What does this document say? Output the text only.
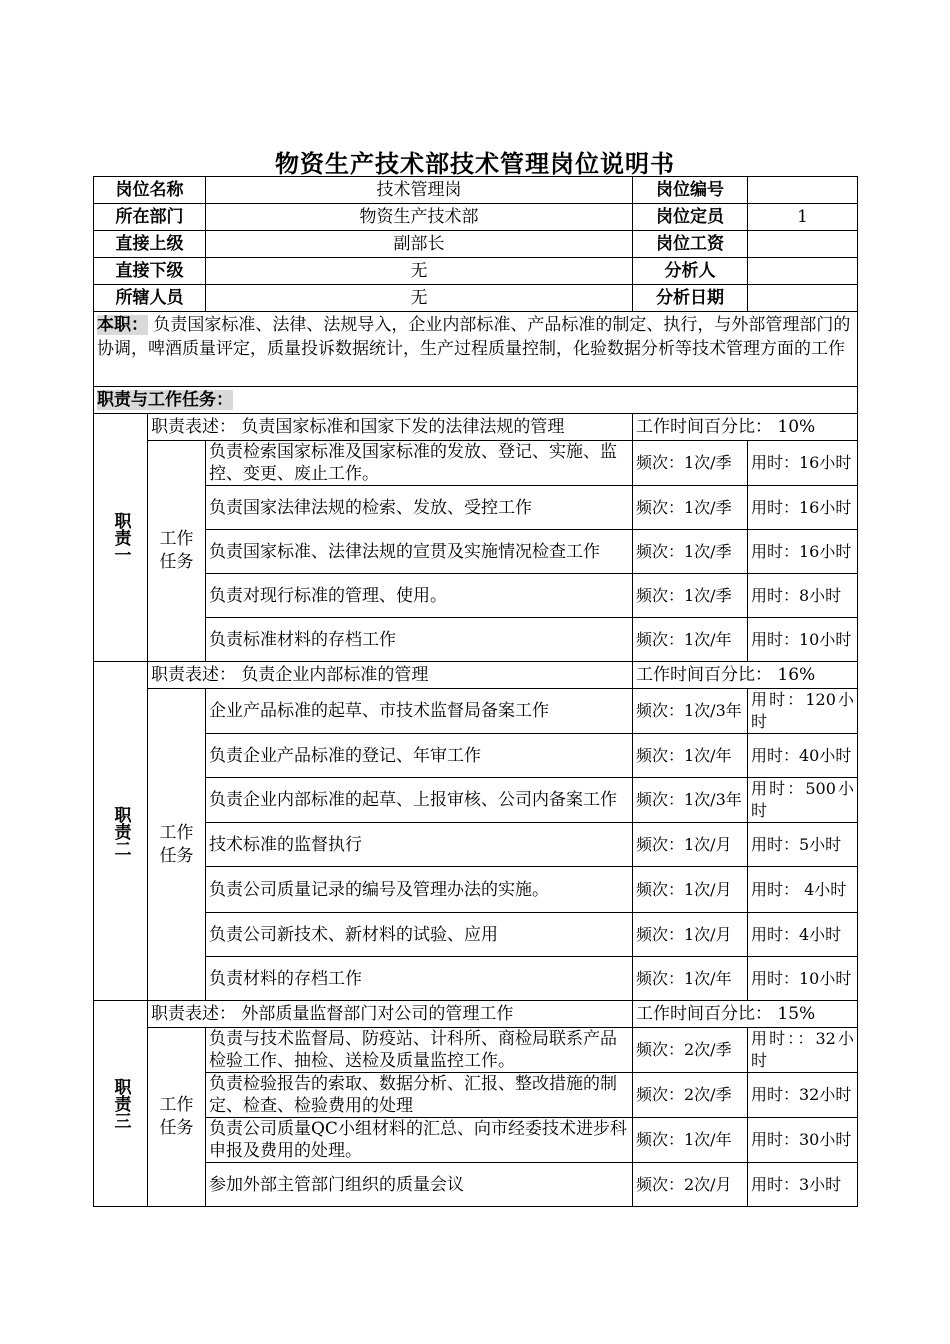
物资生产技术部技术管理岗位说明书
岗位名称		技术管理岗	岗位编号	
所在部门		物资生产技术部	岗位定员	1
直接上级		副部长	岗位工资	
直接下级		无	分析人	
所辖人员		无	分析日期	
本职： 负责国家标准、法律、法规导入，企业内部标准、产品标准的制定、执行，与外部管理部门的协调，啤酒质量评定，质量投诉数据统计，生产过程质量控制，化验数据分析等技术管理方面的工作				
职责与工作任务：				
职责一	职责表述： 负责国家标准和国家下发的法律法规的管理		工作时间百分比： 10%	
	工作任务	负责检索国家标准及国家标准的发放、登记、实施、监控、变更、废止工作。	频次：1次/季	用时：16小时
		负责国家法律法规的检索、发放、受控工作	频次：1次/季	用时：16小时
		负责国家标准、法律法规的宣贯及实施情况检查工作	频次：1次/季	用时：16小时
		负责对现行标准的管理、使用。	频次：1次/季	用时：8小时
		负责标准材料的存档工作	频次：1次/年	用时：10小时
职责二	职责表述： 负责企业内部标准的管理		工作时间百分比： 16%	
	工作任务	企业产品标准的起草、市技术监督局备案工作	频次：1次/3年	用时：120小时
		负责企业产品标准的登记、年审工作	频次：1次/年	用时：40小时
		负责企业内部标准的起草、上报审核、公司内备案工作	频次：1次/3年	用时：500小时
		技术标准的监督执行	频次：1次/月	用时：5小时
		负责公司质量记录的编号及管理办法的实施。	频次：1次/月	用时： 4小时
		负责公司新技术、新材料的试验、应用	频次：1次/月	用时：4小时
		负责材料的存档工作	频次：1次/年	用时：10小时
职责三	职责表述： 外部质量监督部门对公司的管理工作		工作时间百分比： 15%	
	工作任务	负责与技术监督局、防疫站、计科所、商检局联系产品检验工作、抽检、送检及质量监控工作。	频次：2次/季	用时：：32小时
		负责检验报告的索取、数据分析、汇报、整改措施的制定、检查、检验费用的处理	频次：2次/季	用时：32小时
		负责公司质量QC小组材料的汇总、向市经委技术进步科申报及费用的处理。	频次：1次/年	用时：30小时
		参加外部主管部门组织的质量会议	频次：2次/月	用时：3小时
